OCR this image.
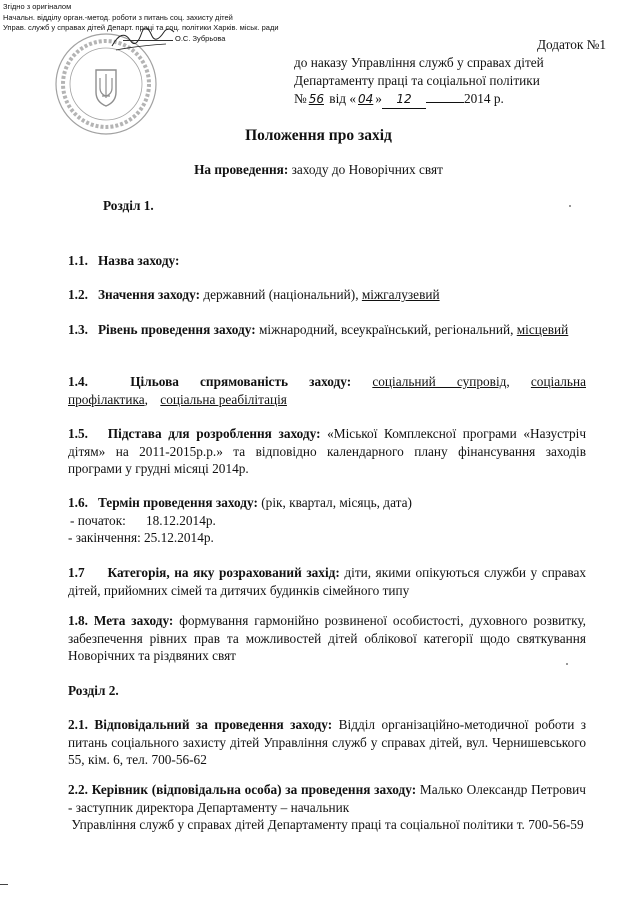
Згідно з оригіналом
Начальн. відділу орган.-метод. роботи з питань соц. захисту дітей
Управ. служб у справах дітей Департ. праці та соц. політики Харків. міськ. ради
О.С. Зубрьова	Додаток №1
до наказу Управління служб у справах дітей
Департаменту праці та соціальної політики
№ 56 від « 04 » 12	2014 р.
Положення про захід
На проведення: заходу до Новорічних свят
Розділ 1.
1.1. Назва заходу:
1.2. Значення заходу: державний (національний), міжгалузевий
1.3. Рівень проведення заходу: міжнародний, всеукраїнський, регіональний, місцевий
1.4.	Цільова спрямованість заходу: соціальний супровід, соціальна профілактика, соціальна реабілітація
1.5. Підстава для розроблення заходу: «Міської Комплексної програми «Назустріч дітям» на 2011-2015р.р.» та відповідно календарного плану фінансування заходів програми у грудні місяці 2014р.
1.6. Термін проведення заходу: (рік, квартал, місяць, дата)
- початок: 18.12.2014р.
- закінчення: 25.12.2014р.
1.7 Категорія, на яку розрахований захід: діти, якими опікуються служби у справах дітей, прийомних сімей та дитячих будинків сімейного типу
1.8. Мета заходу: формування гармонійно розвиненої особистості, духовного розвитку, забезпечення рівних прав та можливостей дітей облікової категорії щодо святкування Новорічних та різдвяних свят
Розділ 2.
2.1. Відповідальний за проведення заходу: Відділ організаційно-методичної роботи з питань соціального захисту дітей Управління служб у справах дітей, вул. Чернишевського 55, кім. 6, тел. 700-56-62
2.2. Керівник (відповідальна особа) за проведення заходу: Малько Олександр Петрович - заступник директора Департаменту – начальник
Управління служб у справах дітей Департаменту праці та соціальної політики т. 700-56-59
